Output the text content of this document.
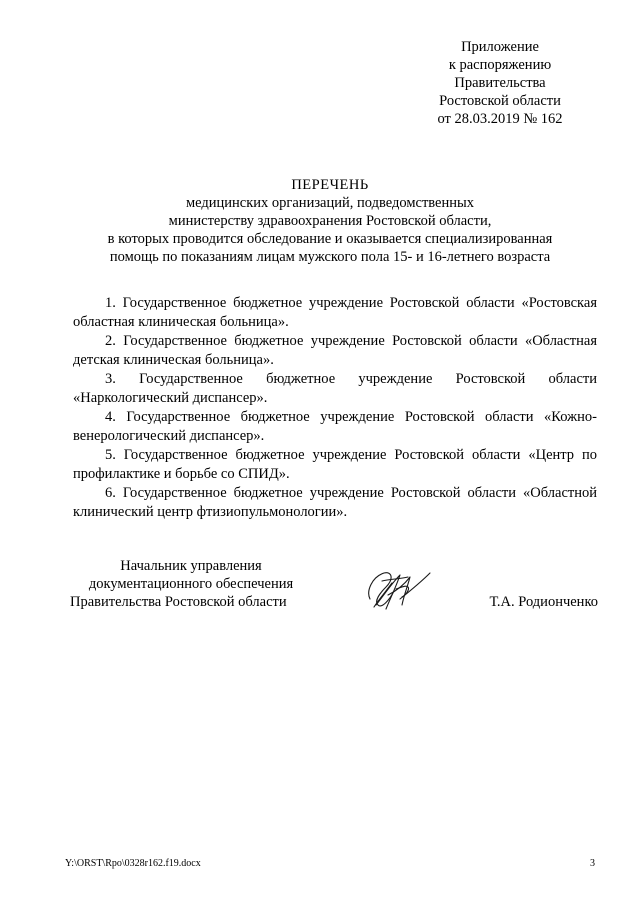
Приложение
к распоряжению
Правительства
Ростовской области
от 28.03.2019 № 162
ПЕРЕЧЕНЬ
медицинских организаций, подведомственных
министерству здравоохранения Ростовской области,
в которых проводится обследование и оказывается специализированная
помощь по показаниям лицам мужского пола 15- и 16-летнего возраста

1. Государственное бюджетное учреждение Ростовской области «Ростовская областная клиническая больница».

2. Государственное бюджетное учреждение Ростовской области «Областная детская клиническая больница».

3. Государственное бюджетное учреждение Ростовской области «Наркологический диспансер».

4. Государственное бюджетное учреждение Ростовской области «Кожно-венерологический диспансер».

5. Государственное бюджетное учреждение Ростовской области «Центр по профилактике и борьбе со СПИД».

6. Государственное бюджетное учреждение Ростовской области «Областной клинический центр фтизиопульмонологии».

Начальник управления
документационного обеспечения
Правительства Ростовской области	Т.А. Родионченко
Y:\ORST\Rpo\0328r162.f19.docx	3
